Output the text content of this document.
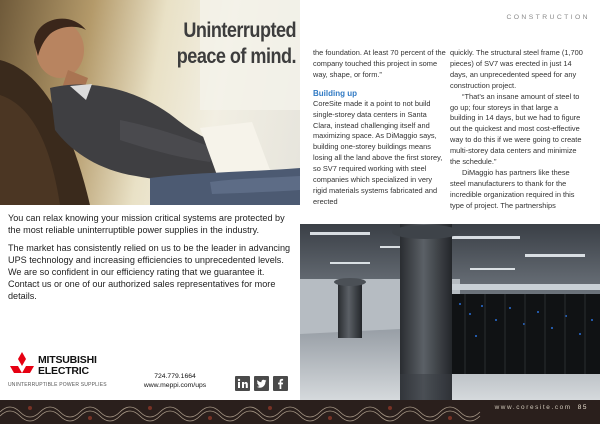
Uninterrupted
peace of mind.
You can relax knowing your mission critical systems are protected by the most reliable uninterruptible power supplies in the industry.
The market has consistently relied on us to be the leader in advancing UPS technology and increasing efficiencies to unprecedented levels. We are so confident in our efficiency rating that we guarantee it. Contact us or one of our authorized sales representatives for more details.
MITSUBISHI
ELECTRIC
UNINTERRUPTIBLE POWER SUPPLIES
724.779.1664
www.meppi.com/ups
CONSTRUCTION

the foundation. At least 70 percent of the company touched this project in some way, shape, or form.”

Building up

CoreSite made it a point to not build single-storey data centers in Santa Clara, instead challenging itself and maximizing space. As DiMaggio says, building one-storey buildings means losing all the land above the first storey, so SV7 required working with steel companies which specialized in very rigid materials systems fabricated and erected

quickly. The structural steel frame (1,700 pieces) of SV7 was erected in just 14 days, an unprecedented speed for any construction project.

“That’s an insane amount of steel to go up; four storeys in that large a building in 14 days, but we had to figure out the quickest and most cost-effective way to do this if we were going to create multi-storey data centers and minimize the schedule.”

DiMaggio has partners like these steel manufacturers to thank for the incredible organization required in this type of project. The partnerships

www.coresite.com 85
